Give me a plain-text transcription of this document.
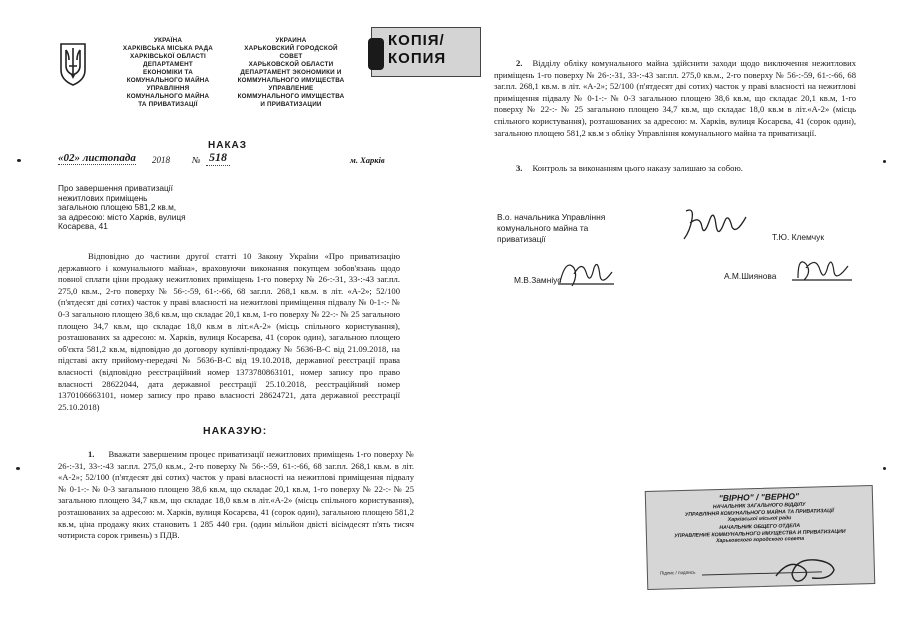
УКРАЇНА
ХАРКІВСЬКА МІСЬКА РАДА
ХАРКІВСЬКОЇ ОБЛАСТІ
ДЕПАРТАМЕНТ
ЕКОНОМІКИ ТА
КОМУНАЛЬНОГО МАЙНА
УПРАВЛІННЯ
КОМУНАЛЬНОГО МАЙНА
ТА ПРИВАТИЗАЦІЇ
УКРАИНА
ХАРЬКОВСКИЙ ГОРОДСКОЙ
СОВЕТ
ХАРЬКОВСКОЙ ОБЛАСТИ
ДЕПАРТАМЕНТ ЭКОНОМИКИ И
КОММУНАЛЬНОГО ИМУЩЕСТВА
УПРАВЛЕНИЕ
КОММУНАЛЬНОГО ИМУЩЕСТВА
И ПРИВАТИЗАЦИИ
КОПІЯ/
КОПИЯ
НАКАЗ
«02» листопада 2018 № 518	м. Харків
Про завершення приватизації
нежитлових приміщень
загальною площею 581,2 кв.м,
за адресою: місто Харків, вулиця
Косарєва, 41
Відповідно до частини другої статті 10 Закону України «Про приватизацію державного і комунального майна», враховуючи виконання покупцем зобов'язань щодо повної сплати ціни продажу нежитлових приміщень 1-го поверху № 26-:-31, 33-:-43 заг.пл. 275,0 кв.м., 2-го поверху № 56-:-59, 61-:-66, 68 заг.пл. 268,1 кв.м. в літ. «А-2»; 52/100 (п'ятдесят дві сотих) часток у праві власності на нежитлові приміщення підвалу № 0-1-:- № 0-3 загальною площею 38,6 кв.м, що складає 20,1 кв.м, 1-го поверху № 22-:- № 25 загальною площею 34,7 кв.м, що складає 18,0 кв.м в літ.«А-2» (місць спільного користування), розташованих за адресою: м. Харків, вулиця Косарєва, 41 (сорок один), загальною площею об'єкта 581,2 кв.м, відповідно до договору купівлі-продажу № 5636-В-С від 21.09.2018, на підставі акту прийому-передачі № 5636-В-С від 19.10.2018, державної реєстрації права власності (відповідно реєстраційний номер 1373780863101, номер запису про право власності 28622044, дата державної реєстрації 25.10.2018, реєстраційний номер 1370106663101, номер запису про право власності 28624721, дата державної реєстрації 25.10.2018)
НАКАЗУЮ:
1. Вважати завершеним процес приватизації нежитлових приміщень 1-го поверху № 26-:-31, 33-:-43 заг.пл. 275,0 кв.м., 2-го поверху № 56-:-59, 61-:-66, 68 заг.пл. 268,1 кв.м. в літ. «А-2»; 52/100 (п'ятдесят дві сотих) часток у праві власності на нежитлові приміщення підвалу № 0-1-:- № 0-3 загальною площею 38,6 кв.м, що складає 20,1 кв.м, 1-го поверху № 22-:- № 25 загальною площею 34,7 кв.м, що складає 18,0 кв.м в літ.«А-2» (місць спільного користування), розташованих за адресою: м. Харків, вулиця Косарєва, 41 (сорок один), загальною площею 581,2 кв.м, ціна продажу яких становить 1 285 440 грн. (один мільйон двісті вісімдесят п'ять тисяч чотириста сорок гривень) з ПДВ.
2. Відділу обліку комунального майна здійснити заходи щодо виключення нежитлових приміщень 1-го поверху № 26-:-31, 33-:-43 заг.пл. 275,0 кв.м., 2-го поверху № 56-:-59, 61-:-66, 68 заг.пл. 268,1 кв.м. в літ. «А-2»; 52/100 (п'ятдесят дві сотих) часток у праві власності на нежитлові приміщення підвалу № 0-1-:- № 0-3 загальною площею 38,6 кв.м, що складає 20,1 кв.м, 1-го поверху № 22-:- № 25 загальною площею 34,7 кв.м, що складає 18,0 кв.м в літ.«А-2» (місць спільного користування), розташованих за адресою: м. Харків, вулиця Косарєва, 41 (сорок один), загальною площею 581,2 кв.м з обліку Управління комунального майна та приватизації.
3. Контроль за виконанням цього наказу залишаю за собою.
В.о. начальника Управління
комунального майна та
приватизації	Т.Ю. Клемчук
М.В.Замніус	А.М.Шиянова
"ВІРНО" / "ВЕРНО"
НАЧАЛЬНИК ЗАГАЛЬНОГО ВІДДІЛУ
УПРАВЛІННЯ КОМУНАЛЬНОГО МАЙНА ТА ПРИВАТИЗАЦІЇ
Харківської міської ради
НАЧАЛЬНИК ОБЩЕГО ОТДЕЛА
УПРАВЛЕНИЕ КОММУНАЛЬНОГО ИМУЩЕСТВА И ПРИВАТИЗАЦИИ
Харьковского городского совета
Підпис / подпись
